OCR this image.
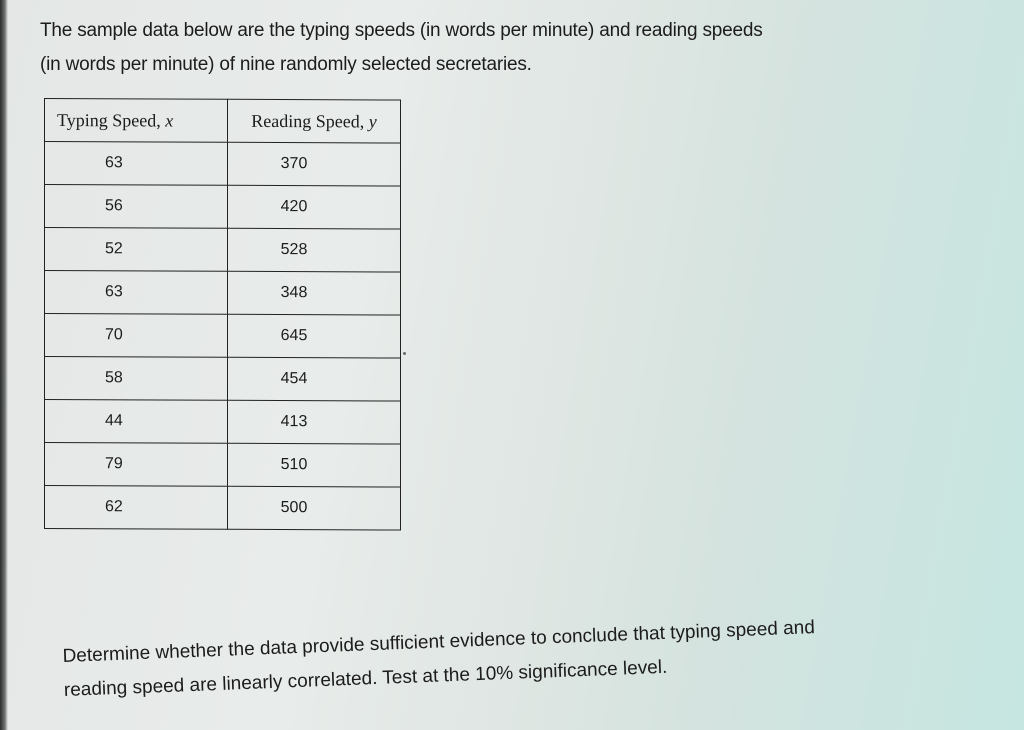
The sample data below are the typing speeds (in words per minute) and reading speeds

(in words per minute) of nine randomly selected secretaries.

Typing Speed, x	Reading Speed, y
63	370
56	420
52	528
63	348
70	645
58	454
44	413
79	510
62	500

Determine whether the data provide sufficient evidence to conclude that typing speed and

reading speed are linearly correlated. Test at the 10% significance level.
